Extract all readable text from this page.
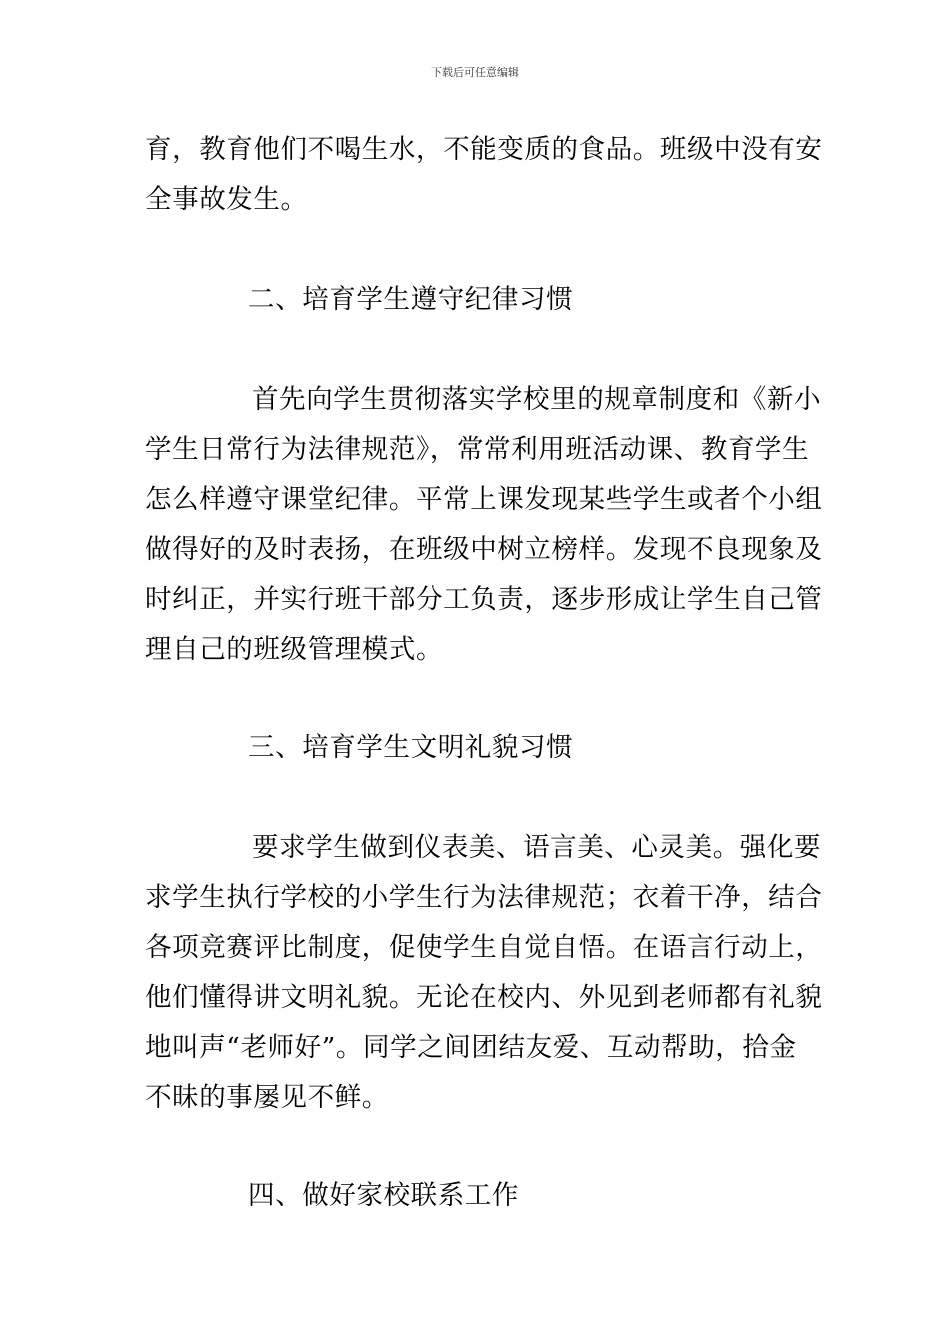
下载后可任意编辑
育，教育他们不喝生水，不能变质的食品。班级中没有安
全事故发生。
二、培育学生遵守纪律习惯
首先向学生贯彻落实学校里的规章制度和《新小
学生日常行为法律规范》，常常利用班活动课、教育学生
怎么样遵守课堂纪律。平常上课发现某些学生或者个小组
做得好的及时表扬，在班级中树立榜样。发现不良现象及
时纠正，并实行班干部分工负责，逐步形成让学生自己管
理自己的班级管理模式。
三、培育学生文明礼貌习惯
要求学生做到仪表美、语言美、心灵美。强化要
求学生执行学校的小学生行为法律规范；衣着干净，结合
各项竞赛评比制度，促使学生自觉自悟。在语言行动上，
他们懂得讲文明礼貌。无论在校内、外见到老师都有礼貌
地叫声“老师好”。同学之间团结友爱、互动帮助，拾金
不昧的事屡见不鲜。
四、做好家校联系工作
